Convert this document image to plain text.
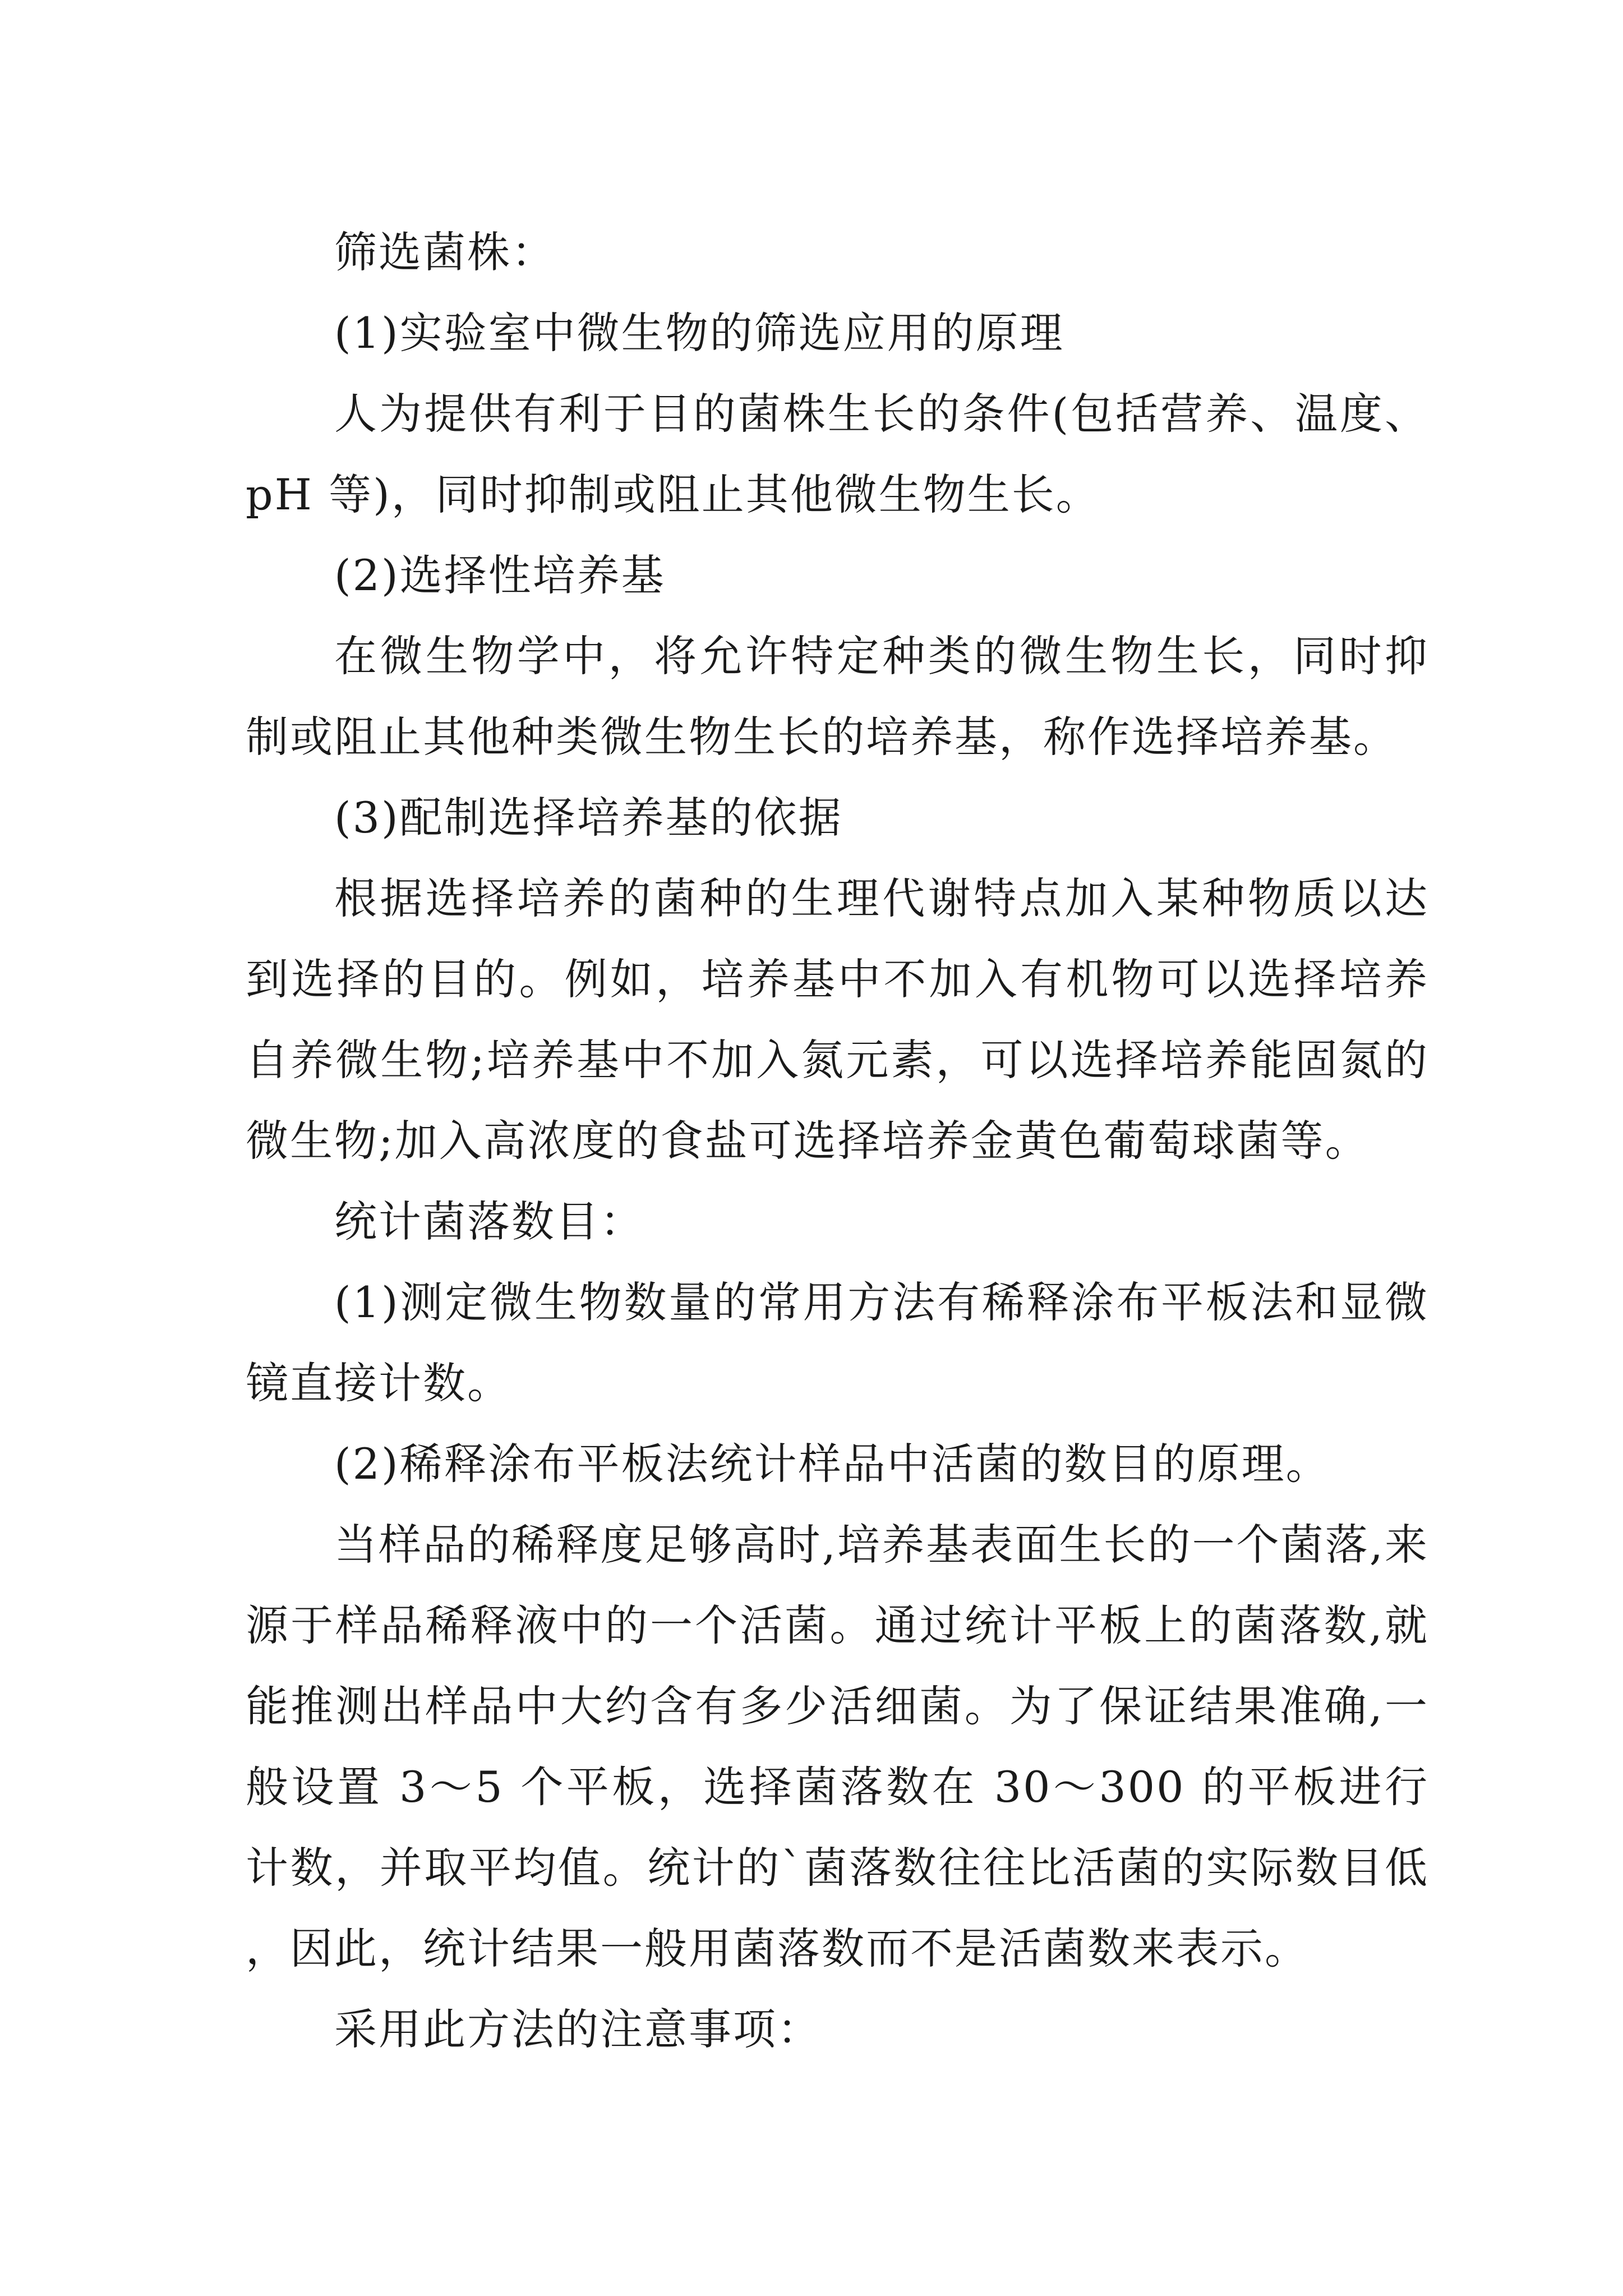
筛选菌株：

(1)实验室中微生物的筛选应用的原理

人为提供有利于目的菌株生长的条件(包括营养、温度、pH 等)，同时抑制或阻止其他微生物生长。

(2)选择性培养基

在微生物学中，将允许特定种类的微生物生长，同时抑制或阻止其他种类微生物生长的培养基，称作选择培养基。

(3)配制选择培养基的依据

根据选择培养的菌种的生理代谢特点加入某种物质以达到选择的目的。例如，培养基中不加入有机物可以选择培养自养微生物;培养基中不加入氮元素，可以选择培养能固氮的微生物;加入高浓度的食盐可选择培养金黄色葡萄球菌等。

统计菌落数目：

(1)测定微生物数量的常用方法有稀释涂布平板法和显微镜直接计数。

(2)稀释涂布平板法统计样品中活菌的数目的原理。

当样品的稀释度足够高时,培养基表面生长的一个菌落,来源于样品稀释液中的一个活菌。通过统计平板上的菌落数,就能推测出样品中大约含有多少活细菌。为了保证结果准确,一般设置 3～5 个平板，选择菌落数在 30～300 的平板进行计数，并取平均值。统计的`菌落数往往比活菌的实际数目低，因此，统计结果一般用菌落数而不是活菌数来表示。

采用此方法的注意事项：
